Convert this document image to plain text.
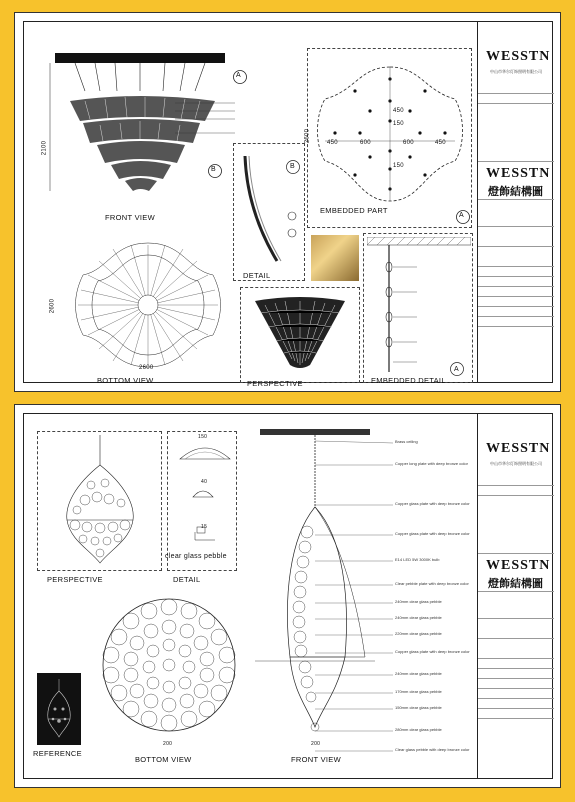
2100
A
B
FRONT VIEW
2600
2600
BOTTOM VIEW
B
DETAIL
450	600	600	450
450
150
150
2600
EMBEDDED PART
A
PERSPECTIVE	EMBEDDED DETAIL
A
WESSTN
中山市华尔灯饰照明有限公司
WESSTN
燈飾結構圖
PERSPECTIVE
150
40
15
clear glass pebble
DETAIL
200
BOTTOM VIEW
REFERENCE
200
FRONT VIEW
Brass ceiling
Copper long plate with deep bronze color
Copper glass plate with deep bronze color
Copper glass plate with deep bronze color
E14 LED 5W 3000K bulb
Clear pebble plate with deep bronze color
240mm clear glass pebble
240mm clear glass pebble
220mm clear glass pebble
Copper glass plate with deep bronze color
240mm clear glass pebble
170mm clear glass pebble
150mm clear glass pebble
280mm clear glass pebble
Clear glass pebble with deep bronze color
WESSTN
中山市华尔灯饰照明有限公司
WESSTN
燈飾結構圖
